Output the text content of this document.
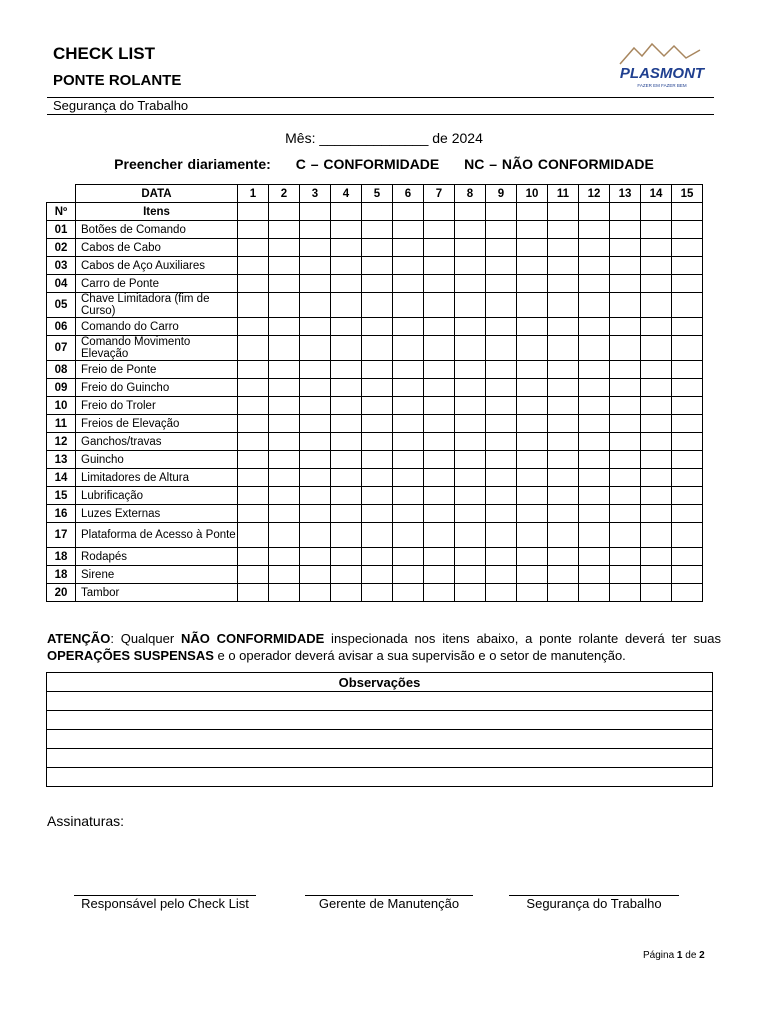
CHECK LIST
PONTE ROLANTE
Segurança do Trabalho
PLASMONT
FAZER EM FAZER BEM
Mês: ______________ de 2024
Preencher diariamente: C – CONFORMIDADE NC – NÃO CONFORMIDADE
	DATA	1	2	3	4	5	6	7	8	9	10	11	12	13	14	15
Nº	Itens															
01	Botões de Comando															
02	Cabos de Cabo															
03	Cabos de Aço Auxiliares															
04	Carro de Ponte															
05	Chave Limitadora (fim de Curso)															
06	Comando do Carro															
07	Comando Movimento Elevação															
08	Freio de Ponte															
09	Freio do Guincho															
10	Freio do Troler															
11	Freios de Elevação															
12	Ganchos/travas															
13	Guincho															
14	Limitadores de Altura															
15	Lubrificação															
16	Luzes Externas															
17	Plataforma de Acesso à Ponte															
18	Rodapés															
18	Sirene															
20	Tambor															
ATENÇÃO: Qualquer NÃO CONFORMIDADE inspecionada nos itens abaixo, a ponte rolante deverá ter suas OPERAÇÕES SUSPENSAS e o operador deverá avisar a sua supervisão e o setor de manutenção.
Observações

Assinaturas:
Responsável pelo Check List	Gerente de Manutenção	Segurança do Trabalho
Página 1 de 2
